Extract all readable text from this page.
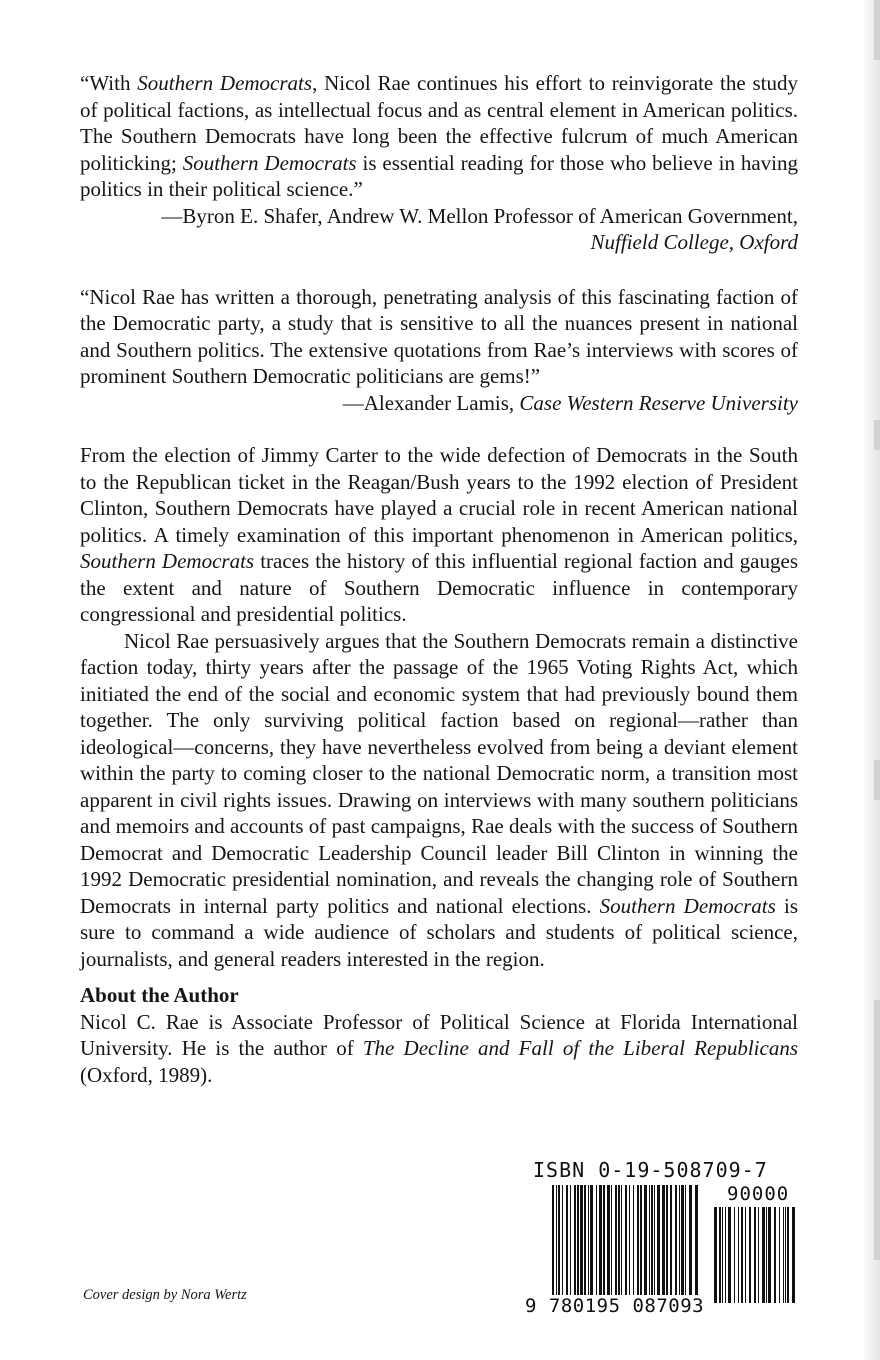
“With Southern Democrats, Nicol Rae continues his effort to reinvigorate the study of political factions, as intellectual focus and as central element in American politics. The Southern Democrats have long been the effective fulcrum of much American politicking; Southern Democrats is essential reading for those who believe in having politics in their political science.”

—Byron E. Shafer, Andrew W. Mellon Professor of American Government,

Nuffield College, Oxford

“Nicol Rae has written a thorough, penetrating analysis of this fascinating faction of the Democratic party, a study that is sensitive to all the nuances present in national and Southern politics. The extensive quotations from Rae’s interviews with scores of prominent Southern Democratic politicians are gems!”

—Alexander Lamis, Case Western Reserve University

From the election of Jimmy Carter to the wide defection of Democrats in the South to the Republican ticket in the Reagan/Bush years to the 1992 election of President Clinton, Southern Democrats have played a crucial role in recent American national politics. A timely examination of this important phenomenon in American politics, Southern Democrats traces the history of this influential regional faction and gauges the extent and nature of Southern Democratic influence in contemporary congressional and presidential politics.

Nicol Rae persuasively argues that the Southern Democrats remain a distinctive faction today, thirty years after the passage of the 1965 Voting Rights Act, which initiated the end of the social and economic system that had previously bound them together. The only surviving political faction based on regional—rather than ideological—concerns, they have nevertheless evolved from being a deviant element within the party to coming closer to the national Democratic norm, a transition most apparent in civil rights issues. Drawing on interviews with many southern politicians and memoirs and accounts of past campaigns, Rae deals with the success of Southern Democrat and Democratic Leadership Council leader Bill Clinton in winning the 1992 Democratic presidential nomination, and reveals the changing role of Southern Democrats in internal party politics and national elections. Southern Democrats is sure to command a wide audience of scholars and students of political science, journalists, and general readers interested in the region.

About the Author

Nicol C. Rae is Associate Professor of Political Science at Florida International University. He is the author of The Decline and Fall of the Liberal Republicans (Oxford, 1989).

Cover design by Nora Wertz
ISBN 0-19-508709-7
90000
9 780195 087093
